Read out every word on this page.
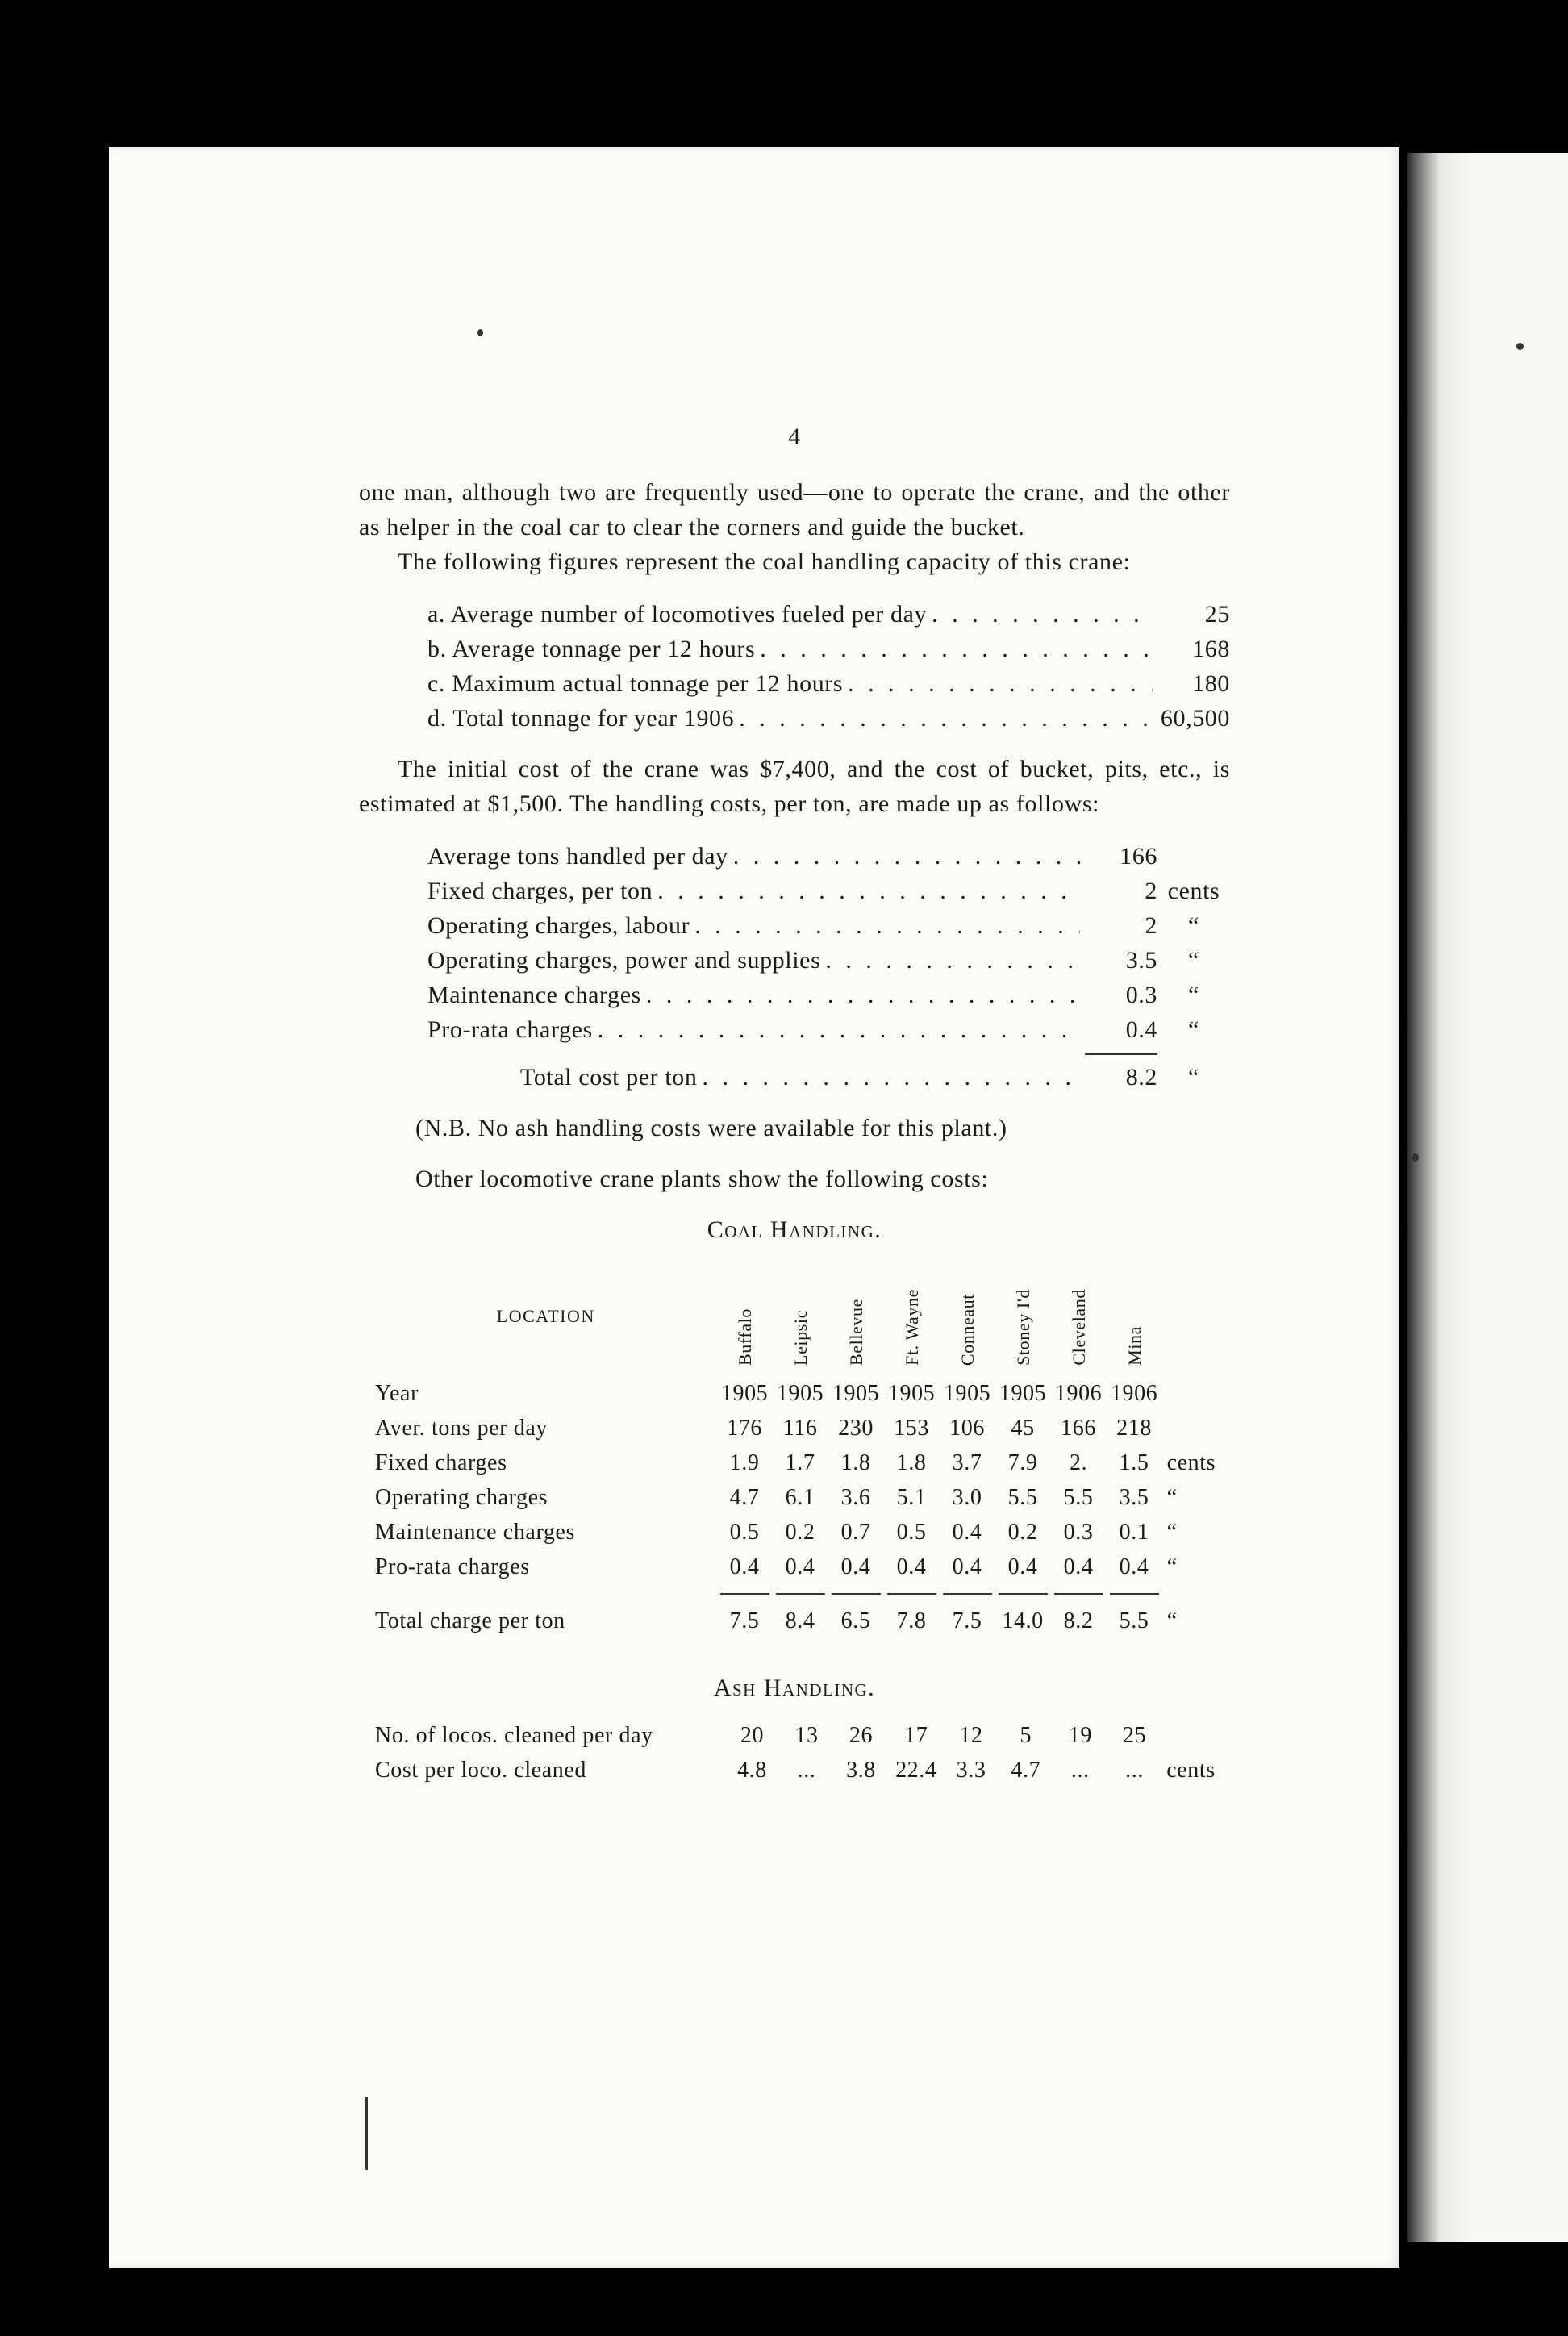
4

one man, although two are frequently used—one to operate the crane, and the other as helper in the coal car to clear the corners and guide the bucket.

The following figures represent the coal handling capacity of this crane:

a. Average number of locomotives fueled per day . . .	25
b. Average tonnage per 12 hours . . .	168
c. Maximum actual tonnage per 12 hours . . .	180
d. Total tonnage for year 1906 . . .	60,500

The initial cost of the crane was $7,400, and the cost of bucket, pits, etc., is estimated at $1,500. The handling costs, per ton, are made up as follows:

Average tons handled per day . . .	166
Fixed charges, per ton . . .	2 cents
Operating charges, labour . . .	2	“
Operating charges, power and supplies . . .	3.5	“
Maintenance charges . . .	0.3	“
Pro-rata charges . . .	0.4	“
Total cost per ton . . .	8.2	“

(N.B. No ash handling costs were available for this plant.)

Other locomotive crane plants show the following costs:

Coal Handling.
LOCATION	Buffalo	Leipsic	Bellevue	Ft. Wayne	Conneaut	Stoney I'd	Cleveland	Mina	
Year	1905	1905	1905	1905	1905	1905	1906	1906	
Aver. tons per day	176	116	230	153	106	45	166	218	
Fixed charges	1.9	1.7	1.8	1.8	3.7	7.9	2.	1.5	cents
Operating charges	4.7	6.1	3.6	5.1	3.0	5.5	5.5	3.5	“
Maintenance charges	0.5	0.2	0.7	0.5	0.4	0.2	0.3	0.1	“
Pro-rata charges	0.4	0.4	0.4	0.4	0.4	0.4	0.4	0.4	“

Total charge per ton	7.5	8.4	6.5	7.8	7.5	14.0	8.2	5.5	“
Ash Handling.
No. of locos. cleaned per day	20	13	26	17	12	5	19	25	
Cost per loco. cleaned	4.8	...	3.8	22.4	3.3	4.7	...	...	cents
